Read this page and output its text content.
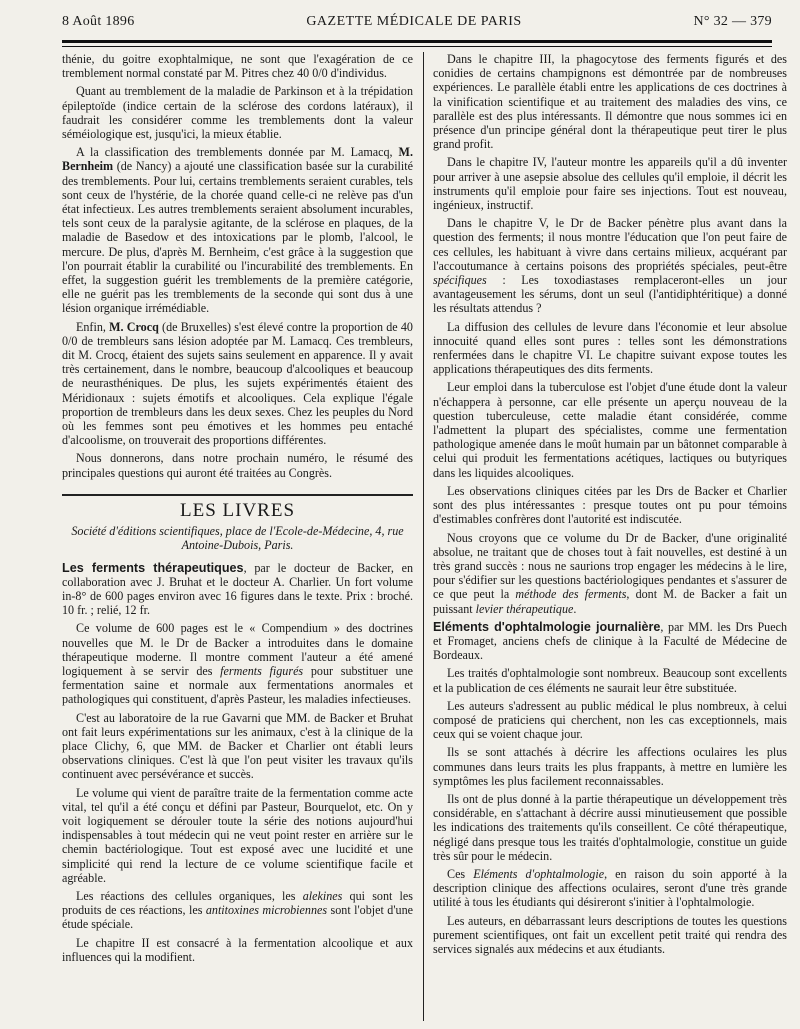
8 Août 1896	GAZETTE MÉDICALE DE PARIS	N° 32 — 379

thénie, du goitre exophtalmique, ne sont que l'exagération de ce tremblement normal constaté par M. Pitres chez 40 0/0 d'individus.

Quant au tremblement de la maladie de Parkinson et à la trépidation épileptoïde (indice certain de la sclérose des cordons latéraux), il faudrait les considérer comme les tremblements dont la valeur séméiologique est, jusqu'ici, la mieux établie.

A la classification des tremblements donnée par M. Lamacq, M. Bernheim (de Nancy) a ajouté une classification basée sur la curabilité des tremblements. Pour lui, certains tremblements seraient curables, tels sont ceux de l'hystérie, de la chorée quand celle-ci ne relève pas d'un état infectieux. Les autres tremblements seraient absolument incurables, tels sont ceux de la paralysie agitante, de la sclérose en plaques, de la maladie de Basedow et des intoxications par le plomb, l'alcool, le mercure. De plus, d'après M. Bernheim, c'est grâce à la suggestion que l'on pourrait établir la curabilité ou l'incurabilité des tremblements. En effet, la suggestion guérit les tremblements de la première catégorie, elle ne guérit pas les tremblements de la seconde qui sont dus à une lésion organique irrémédiable.

Enfin, M. Crocq (de Bruxelles) s'est élevé contre la proportion de 40 0/0 de trembleurs sans lésion adoptée par M. Lamacq. Ces trembleurs, dit M. Crocq, étaient des sujets sains seulement en apparence. Il y avait très certainement, dans le nombre, beaucoup d'alcooliques et beaucoup de neurasthéniques. De plus, les sujets expérimentés étaient des Méridionaux : sujets émotifs et alcooliques. Cela explique l'égale proportion de trembleurs dans les deux sexes. Chez les peuples du Nord où les femmes sont peu émotives et les hommes peu entaché d'alcoolisme, on trouverait des proportions différentes.

Nous donnerons, dans notre prochain numéro, le résumé des principales questions qui auront été traitées au Congrès.

LES LIVRES
Société d'éditions scientifiques, place de l'Ecole-de-Médecine, 4, rue Antoine-Dubois, Paris.

Les ferments thérapeutiques, par le docteur de Backer, en collaboration avec J. Bruhat et le docteur A. Charlier. Un fort volume in-8° de 600 pages environ avec 16 figures dans le texte. Prix : broché. 10 fr. ; relié, 12 fr.

Ce volume de 600 pages est le « Compendium » des doctrines nouvelles que M. le Dr de Backer a introduites dans le domaine thérapeutique moderne. Il montre comment l'auteur a été amené logiquement à se servir des ferments figurés pour substituer une fermentation saine et normale aux fermentations anormales et pathologiques qui constituent, d'après Pasteur, les maladies infectieuses.

C'est au laboratoire de la rue Gavarni que MM. de Backer et Bruhat ont fait leurs expérimentations sur les animaux, c'est à la clinique de la place Clichy, 6, que MM. de Backer et Charlier ont établi leurs observations cliniques. C'est là que l'on peut visiter les travaux qu'ils continuent avec persévérance et succès.

Le volume qui vient de paraître traite de la fermentation comme acte vital, tel qu'il a été conçu et défini par Pasteur, Bourquelot, etc. On y voit logiquement se dérouler toute la série des notions aujourd'hui indispensables à tout médecin qui ne veut point rester en arrière sur le chemin bactériologique. Tout est exposé avec une lucidité et une simplicité qui rend la lecture de ce volume scientifique facile et agréable.

Les réactions des cellules organiques, les alekines qui sont les produits de ces réactions, les antitoxines microbiennes sont l'objet d'une étude spéciale.

Le chapitre II est consacré à la fermentation alcoolique et aux influences qui la modifient.

Dans le chapitre III, la phagocytose des ferments figurés et des conidies de certains champignons est démontrée par de nombreuses expériences. Le parallèle établi entre les applications de ces doctrines à la vinification scientifique et au traitement des maladies des vins, ce parallèle est des plus intéressants. Il démontre que nous sommes ici en présence d'un principe général dont la thérapeutique peut tirer le plus grand profit.

Dans le chapitre IV, l'auteur montre les appareils qu'il a dû inventer pour arriver à une asepsie absolue des cellules qu'il emploie, il décrit les instruments qu'il emploie pour faire ses injections. Tout est nouveau, ingénieux, instructif.

Dans le chapitre V, le Dr de Backer pénètre plus avant dans la question des ferments; il nous montre l'éducation que l'on peut faire de ces cellules, les habituant à vivre dans certains milieux, acquérant par l'accoutumance à certains poisons des propriétés spéciales, peut-être spécifiques : Les toxodiastases remplaceront-elles un jour avantageusement les sérums, dont un seul (l'antidiphtéritique) a donné les résultats attendus ?

La diffusion des cellules de levure dans l'économie et leur absolue innocuité quand elles sont pures : telles sont les démonstrations renfermées dans le chapitre VI. Le chapitre suivant expose toutes les applications thérapeutiques des dits ferments.

Leur emploi dans la tuberculose est l'objet d'une étude dont la valeur n'échappera à personne, car elle présente un aperçu nouveau de la question tuberculeuse, cette maladie étant considérée, comme l'admettent la plupart des spécialistes, comme une fermentation pathologique amenée dans le moût humain par un bâtonnet comparable à celui qui produit les fermentations acétiques, lactiques ou butyriques dans les liquides alcooliques.

Les observations cliniques citées par les Drs de Backer et Charlier sont des plus intéressantes : presque toutes ont pu pour témoins d'estimables confrères dont l'autorité est indiscutée.

Nous croyons que ce volume du Dr de Backer, d'une originalité absolue, ne traitant que de choses tout à fait nouvelles, est destiné à un très grand succès : nous ne saurions trop engager les médecins à le lire, pour s'édifier sur les questions bactériologiques pendantes et s'assurer de ce que peut la méthode des ferments, dont M. de Backer a fait un puissant levier thérapeutique.

Eléments d'ophtalmologie journalière, par MM. les Drs Puech et Fromaget, anciens chefs de clinique à la Faculté de Médecine de Bordeaux.

Les traités d'ophtalmologie sont nombreux. Beaucoup sont excellents et la publication de ces éléments ne saurait leur être substituée.

Les auteurs s'adressent au public médical le plus nombreux, à celui composé de praticiens qui cherchent, non les cas exceptionnels, mais ceux qui se voient chaque jour.

Ils se sont attachés à décrire les affections oculaires les plus communes dans leurs traits les plus frappants, à mettre en lumière les symptômes les plus facilement reconnaissables.

Ils ont de plus donné à la partie thérapeutique un développement très considérable, en s'attachant à décrire aussi minutieusement que possible les indications des traitements qu'ils conseillent. Ce côté thérapeutique, négligé dans presque tous les traités d'ophtalmologie, constitue un guide très sûr pour le médecin.

Ces Eléments d'ophtalmologie, en raison du soin apporté à la description clinique des affections oculaires, seront d'une très grande utilité à tous les étudiants qui désireront s'initier à l'ophtalmologie.

Les auteurs, en débarrassant leurs descriptions de toutes les questions purement scientifiques, ont fait un excellent petit traité qui rendra des services signalés aux médecins et aux étudiants.
